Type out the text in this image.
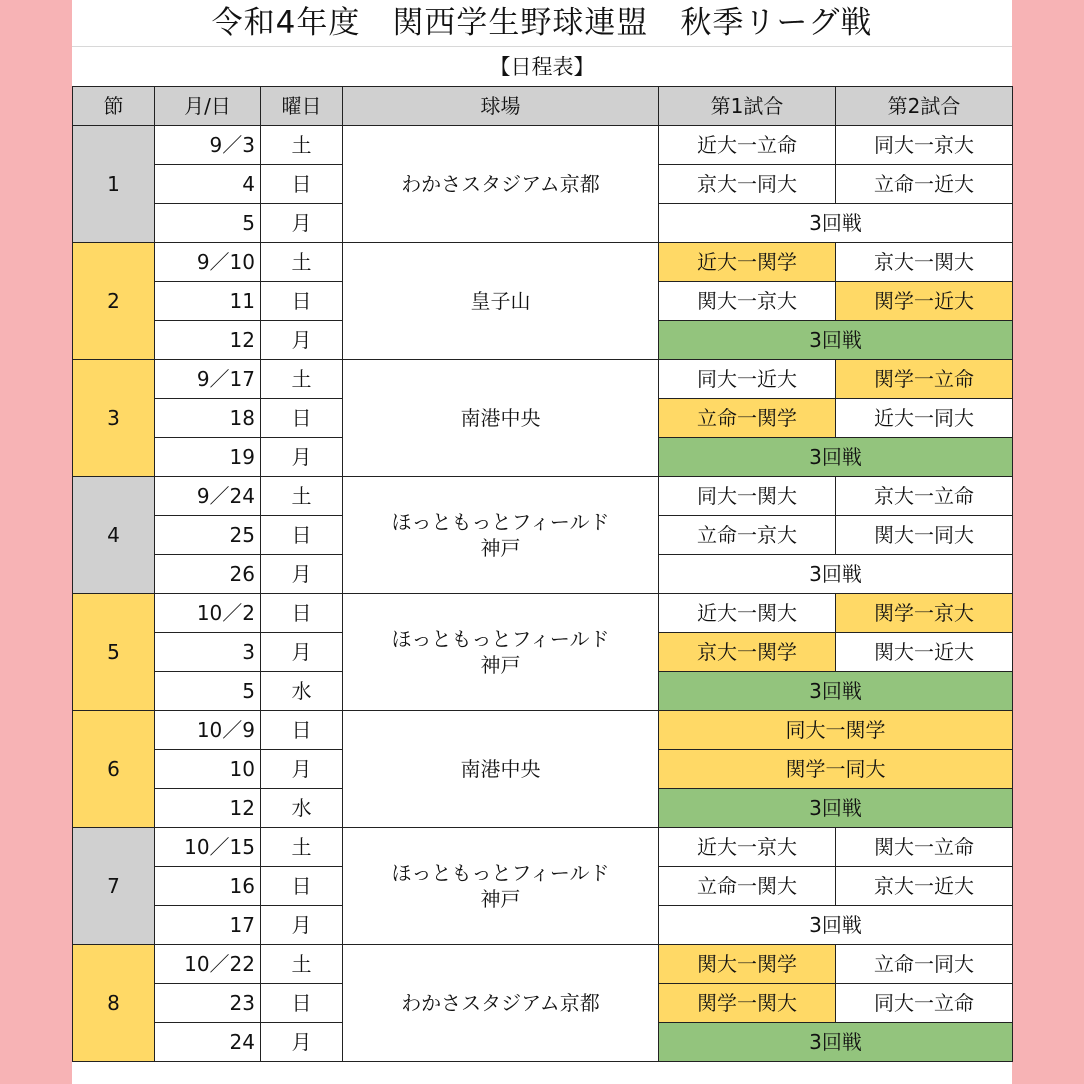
令和4年度　関西学生野球連盟　秋季リーグ戦
【日程表】
節	月/日	曜日	球場	第1試合	第2試合
1	9／3	土	わかさスタジアム京都	近大一立命	同大一京大
	4	日		京大一同大	立命一近大
	5	月		3回戦	
2	9／10	土	皇子山	近大一関学	京大一関大
	11	日		関大一京大	関学一近大
	12	月		3回戦	
3	9／17	土	南港中央	同大一近大	関学一立命
	18	日		立命一関学	近大一同大
	19	月		3回戦	
4	9／24	土	ほっともっとフィールド
神戸	同大一関大	京大一立命
	25	日		立命一京大	関大一同大
	26	月		3回戦	
5	10／2	日	ほっともっとフィールド
神戸	近大一関大	関学一京大
	3	月		京大一関学	関大一近大
	5	水		3回戦	
6	10／9	日	南港中央	同大一関学	
	10	月		関学一同大	
	12	水		3回戦	
7	10／15	土	ほっともっとフィールド
神戸	近大一京大	関大一立命
	16	日		立命一関大	京大一近大
	17	月		3回戦	
8	10／22	土	わかさスタジアム京都	関大一関学	立命一同大
	23	日		関学一関大	同大一立命
	24	月		3回戦	
